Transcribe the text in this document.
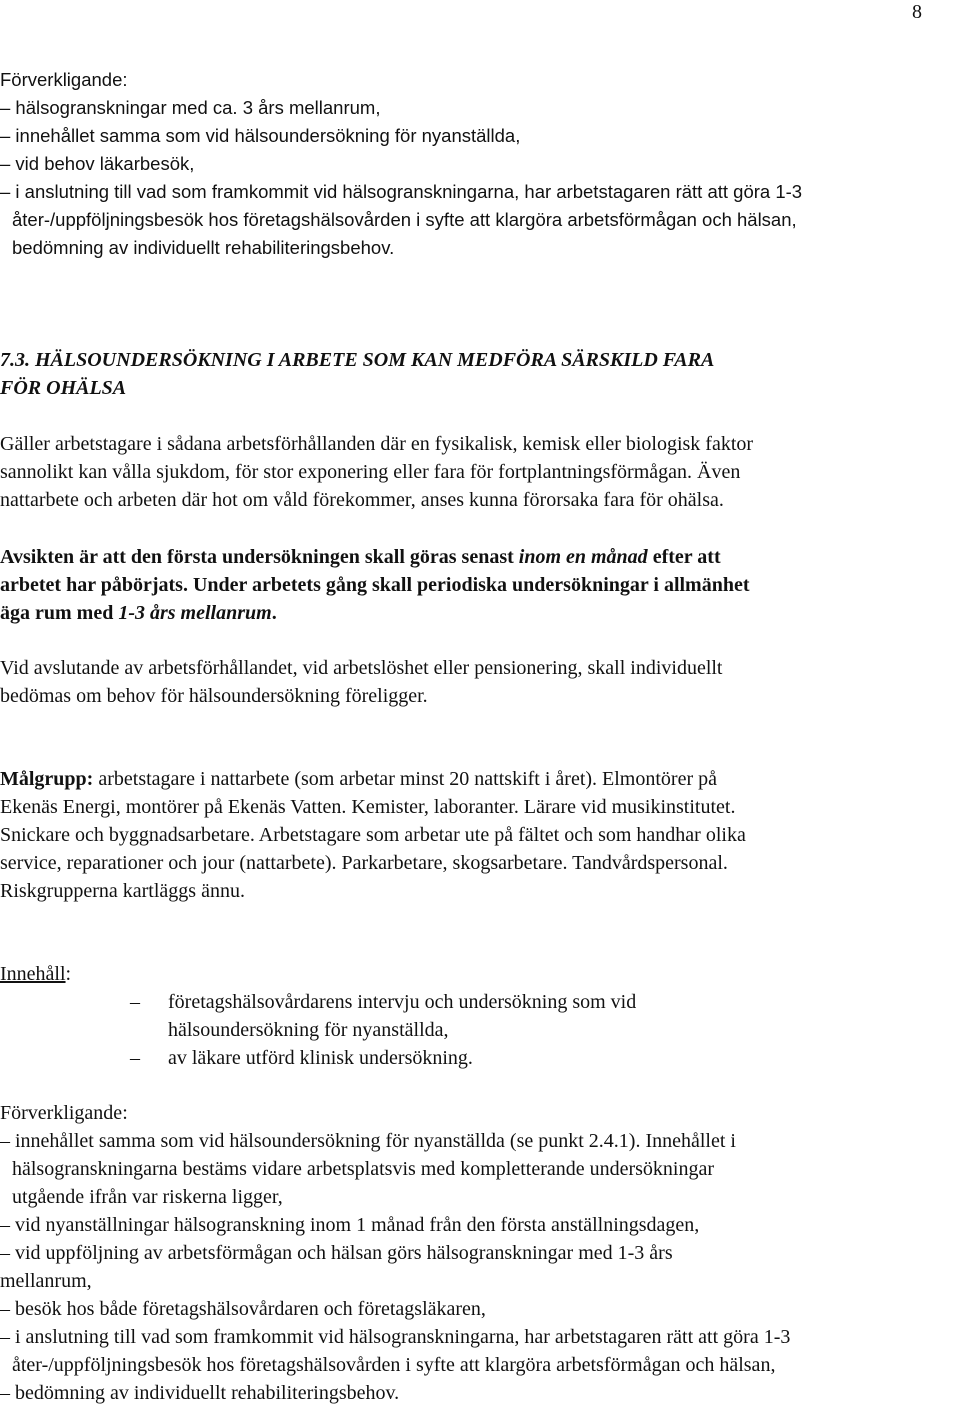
8
Förverkligande:
– hälsogranskningar med ca. 3 års mellanrum,
– innehållet samma som vid hälsoundersökning för nyanställda,
– vid behov läkarbesök,
– i anslutning till vad som framkommit vid hälsogranskningarna, har arbetstagaren rätt att göra 1-3
åter-/uppföljningsbesök hos företagshälsovården i syfte att klargöra arbetsförmågan och hälsan,
bedömning av individuellt rehabiliteringsbehov.
7.3. HÄLSOUNDERSÖKNING I ARBETE SOM KAN MEDFÖRA SÄRSKILD FARA
FÖR OHÄLSA
Gäller arbetstagare i sådana arbetsförhållanden där en fysikalisk, kemisk eller biologisk faktor
sannolikt kan vålla sjukdom, för stor exponering eller fara för fortplantningsförmågan. Även
nattarbete och arbeten där hot om våld förekommer, anses kunna förorsaka fara för ohälsa.
Avsikten är att den första undersökningen skall göras senast inom en månad efter att
arbetet har påbörjats. Under arbetets gång skall periodiska undersökningar i allmänhet
äga rum med 1-3 års mellanrum.
Vid avslutande av arbetsförhållandet, vid arbetslöshet eller pensionering, skall individuellt
bedömas om behov för hälsoundersökning föreligger.
Målgrupp: arbetstagare i nattarbete (som arbetar minst 20 nattskift i året). Elmontörer på
Ekenäs Energi, montörer på Ekenäs Vatten. Kemister, laboranter. Lärare vid musikinstitutet.
Snickare och byggnadsarbetare. Arbetstagare som arbetar ute på fältet och som handhar olika
service, reparationer och jour (nattarbete). Parkarbetare, skogsarbetare. Tandvårdspersonal.
Riskgrupperna kartläggs ännu.
Innehåll:
– företagshälsovårdarens intervju och undersökning som vid
hälsoundersökning för nyanställda,
– av läkare utförd klinisk undersökning.
Förverkligande:
– innehållet samma som vid hälsoundersökning för nyanställda (se punkt 2.4.1). Innehållet i
hälsogranskningarna bestäms vidare arbetsplatsvis med kompletterande undersökningar
utgående ifrån var riskerna ligger,
– vid nyanställningar hälsogranskning inom 1 månad från den första anställningsdagen,
– vid uppföljning av arbetsförmågan och hälsan görs hälsogranskningar med 1-3 års
mellanrum,
– besök hos både företagshälsovårdaren och företagsläkaren,
– i anslutning till vad som framkommit vid hälsogranskningarna, har arbetstagaren rätt att göra 1-3
åter-/uppföljningsbesök hos företagshälsovården i syfte att klargöra arbetsförmågan och hälsan,
– bedömning av individuellt rehabiliteringsbehov.
